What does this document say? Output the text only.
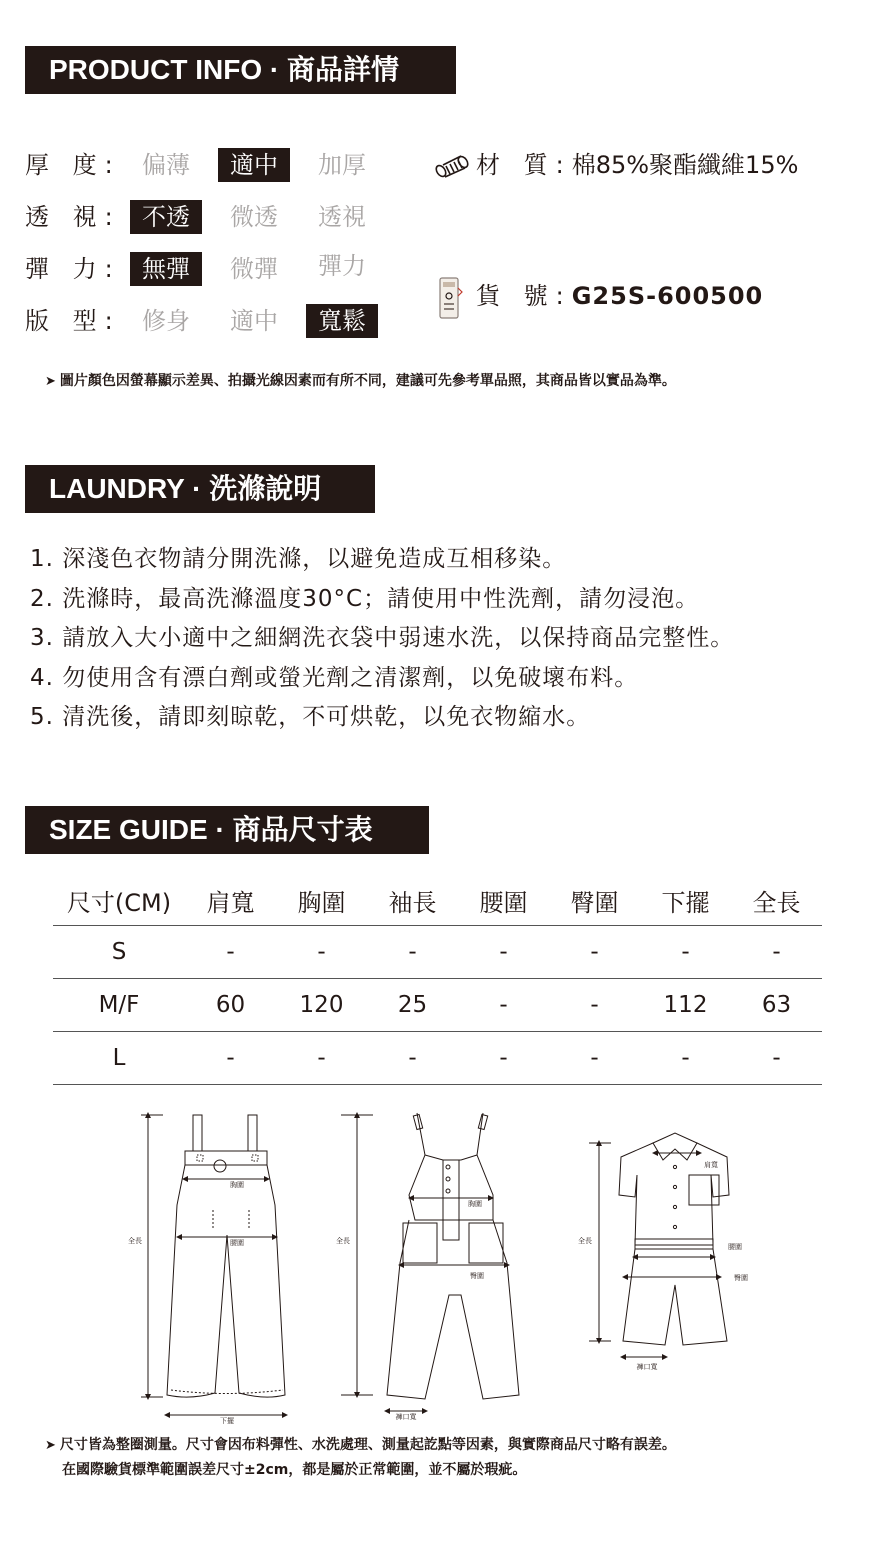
PRODUCT INFO · 商品詳情
厚 度: 偏薄	適中	加厚
透 視: 不透	微透	透視
彈 力: 無彈	微彈	彈力
版 型: 修身	適中	寬鬆
材 質:棉85%聚酯纖維15%
貨 號:G25S-600500
➤ 圖片顏色因螢幕顯示差異、拍攝光線因素而有所不同，建議可先參考單品照，其商品皆以實品為準。
LAUNDRY · 洗滌說明
1. 深淺色衣物請分開洗滌，以避免造成互相移染。
2. 洗滌時，最高洗滌溫度30°C；請使用中性洗劑，請勿浸泡。
3. 請放入大小適中之細網洗衣袋中弱速水洗，以保持商品完整性。
4. 勿使用含有漂白劑或螢光劑之清潔劑，以免破壞布料。
5. 清洗後，請即刻晾乾，不可烘乾，以免衣物縮水。
SIZE GUIDE · 商品尺寸表
尺寸(CM)	肩寬	胸圍	袖長	腰圍	臀圍	下擺	全長
S	-	-	-	-	-	-	-
M/F	60	120	25	-	-	112	63
L	-	-	-	-	-	-	-
全長
胸圍
腰圍
下擺
全長
胸圍
臀圍
褲口寬
全長
肩寬
腰圍
臀圍
褲口寬
➤ 尺寸皆為整圈測量。尺寸會因布料彈性、水洗處理、測量起訖點等因素，與實際商品尺寸略有誤差。
在國際驗貨標準範圍誤差尺寸±2cm，都是屬於正常範圍，並不屬於瑕疵。
